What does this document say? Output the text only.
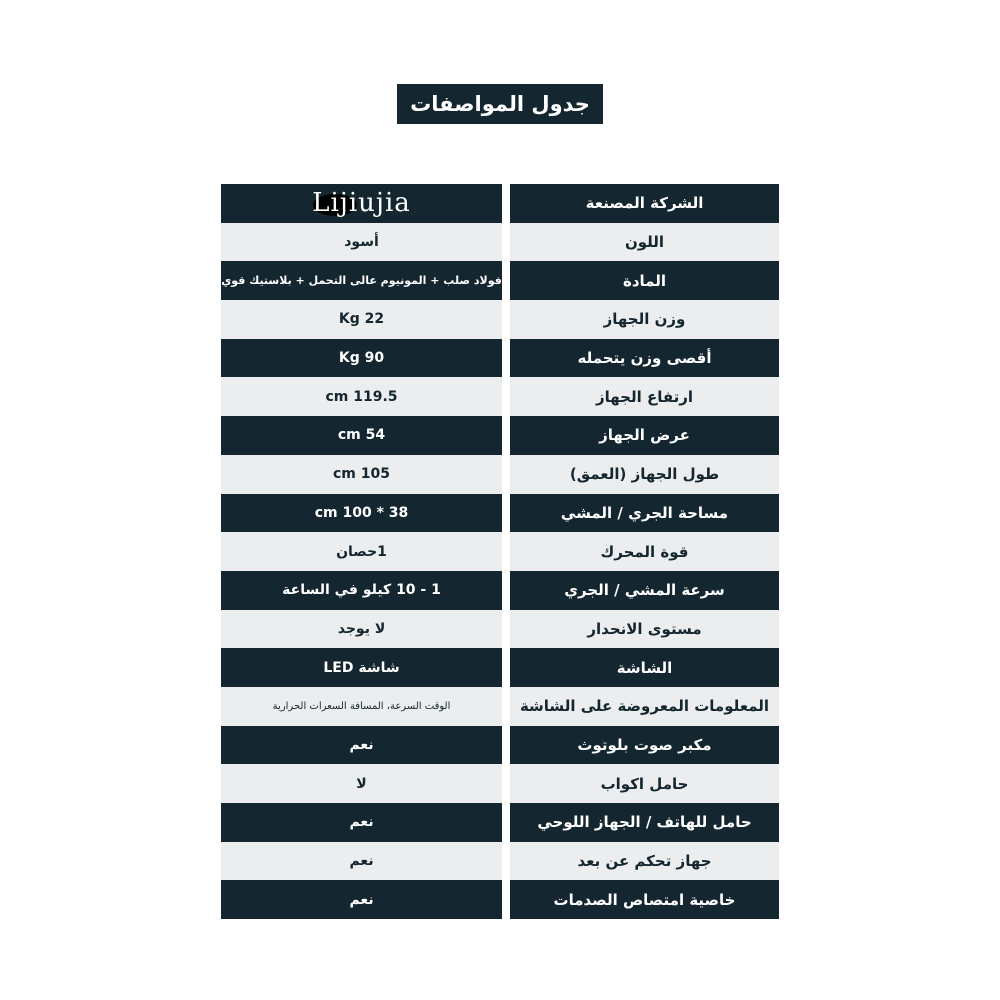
جدول المواصفات
Lijiujia	الشركة المصنعة
أسود	اللون
فولاد صلب + المونيوم عالى التحمل + بلاستيك قوي	المادة
22 Kg	وزن الجهاز
90 Kg	أقصى وزن يتحمله
119.5 cm	ارتفاع الجهاز
54 cm	عرض الجهاز
105 cm	طول الجهاز (العمق)
38 * 100 cm	مساحة الجري / المشي
1حصان	قوة المحرك
1 - 10 كيلو في الساعة	سرعة المشي / الجري
لا يوجد	مستوى الانحدار
شاشة LED	الشاشة
الوقت السرعة، المسافة السعرات الحرارية	المعلومات المعروضة على الشاشة
نعم	مكبر صوت بلوتوث
لا	حامل اكواب
نعم	حامل للهاتف / الجهاز اللوحي
نعم	جهاز تحكم عن بعد
نعم	خاصية امتصاص الصدمات
